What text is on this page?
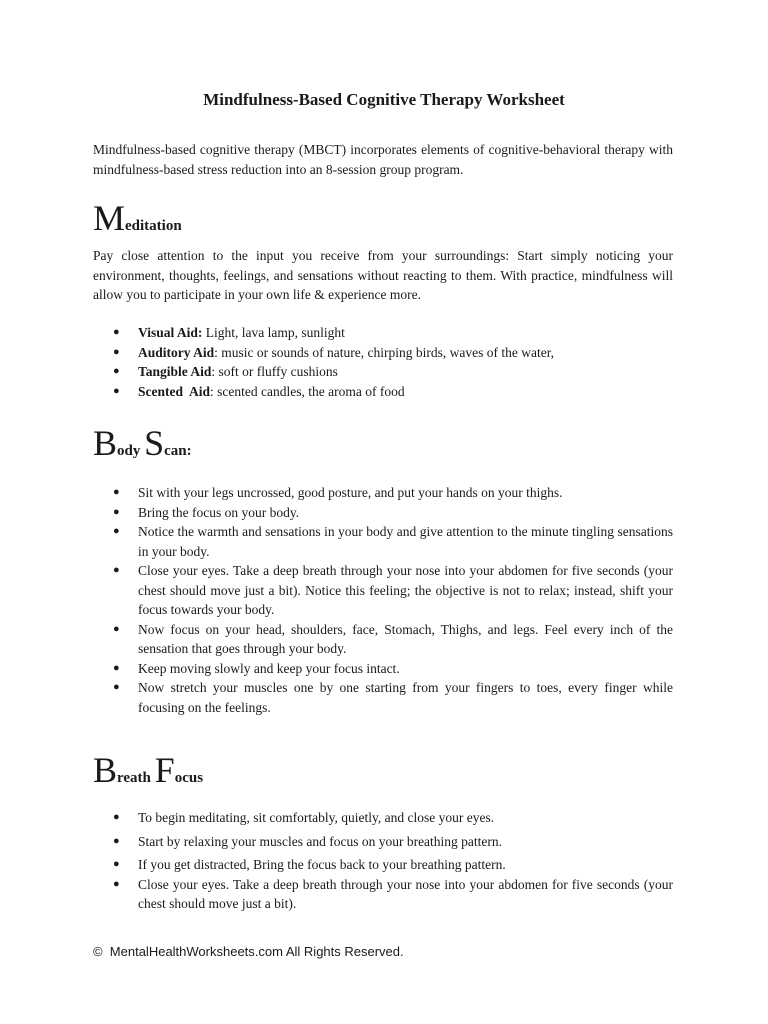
Mindfulness-Based Cognitive Therapy Worksheet

Mindfulness-based cognitive therapy (MBCT) incorporates elements of cognitive-behavioral therapy with mindfulness-based stress reduction into an 8-session group program.

Meditation

Pay close attention to the input you receive from your surroundings: Start simply noticing your environment, thoughts, feelings, and sensations without reacting to them. With practice, mindfulness will allow you to participate in your own life & experience more.

● Visual Aid: Light, lava lamp, sunlight
● Auditory Aid: music or sounds of nature, chirping birds, waves of the water,
● Tangible Aid: soft or fluffy cushions
● Scented  Aid: scented candles, the aroma of food
Body Scan:
● Sit with your legs uncrossed, good posture, and put your hands on your thighs.
● Bring the focus on your body.
● Notice the warmth and sensations in your body and give attention to the minute tingling sensations in your body.
● Close your eyes. Take a deep breath through your nose into your abdomen for five seconds (your chest should move just a bit). Notice this feeling; the objective is not to relax; instead, shift your focus towards your body.
● Now focus on your head, shoulders, face, Stomach, Thighs, and legs. Feel every inch of the sensation that goes through your body.
● Keep moving slowly and keep your focus intact.
● Now stretch your muscles one by one starting from your fingers to toes, every finger while focusing on the feelings.
Breath Focus
● To begin meditating, sit comfortably, quietly, and close your eyes.
● Start by relaxing your muscles and focus on your breathing pattern.
● If you get distracted, Bring the focus back to your breathing pattern.
● Close your eyes. Take a deep breath through your nose into your abdomen for five seconds (your chest should move just a bit).

©  MentalHealthWorksheets.com All Rights Reserved.
